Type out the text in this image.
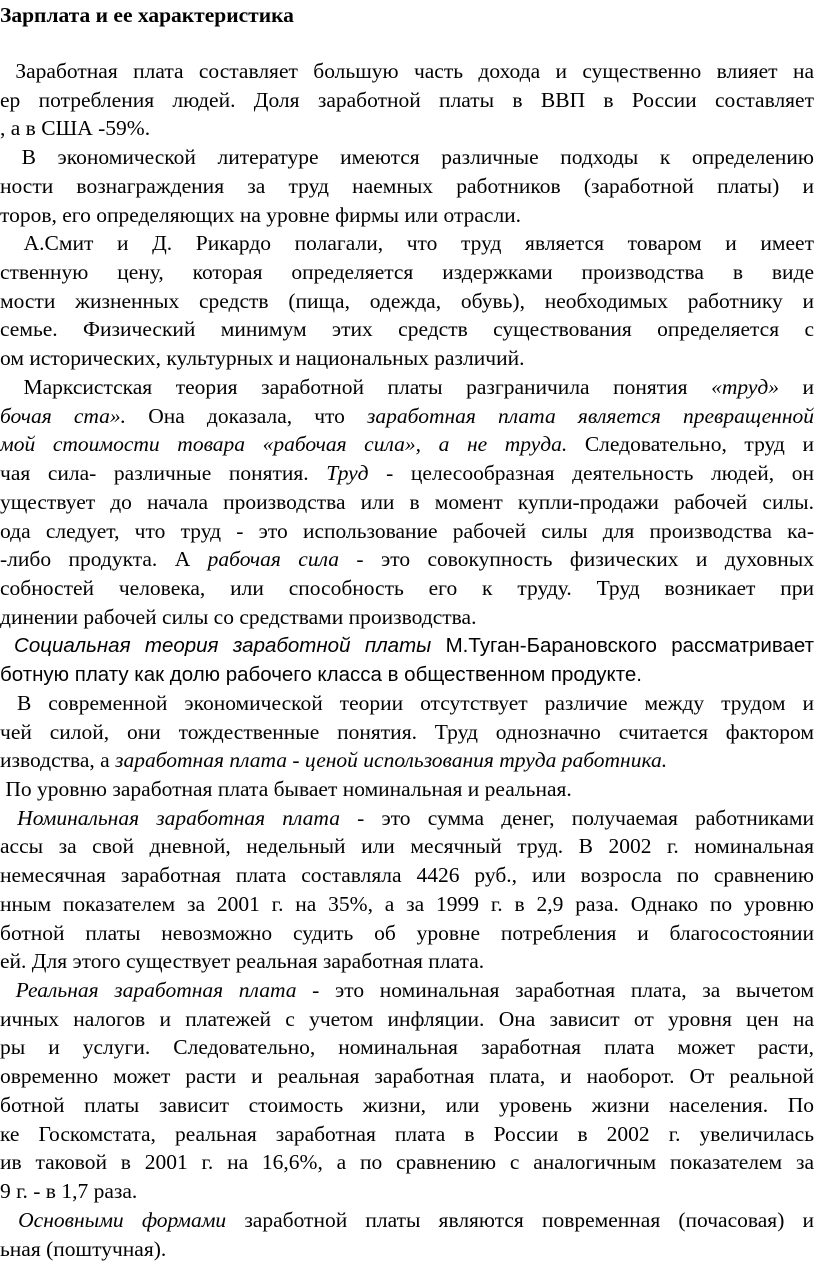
Зарплата и ее характеристика
Заработная плата составляет большую часть дохода и существенно влияет на
ер потребления людей. Доля заработной платы в ВВП в России составляет
, а в США -59%.
В экономической литературе имеются различные подходы к определению
ности вознаграждения за труд наемных работников (заработной платы) и
торов, его определяющих на уровне фирмы или отрасли.
А.Смит и Д. Рикардо полагали, что труд является товаром и имеет
ственную цену, которая определяется издержками производства в виде
мости жизненных средств (пища, одежда, обувь), необходимых работнику и
семье. Физический минимум этих средств существования определяется с
ом исторических, культурных и национальных различий.
Марксистская теория заработной платы разграничила понятия «труд» и
бочая ста». Она доказала, что заработная плата является превращенной
мой стоимости товара «рабочая сила», а не труда. Следовательно, труд и
чая сила- различные понятия. Труд - целесообразная деятельность людей, он
уществует до начала производства или в момент купли-продажи рабочей силы.
ода следует, что труд - это использование рабочей силы для производства ка-
-либо продукта. А рабочая сила - это совокупность физических и духовных
собностей человека, или способность его к труду. Труд возникает при
динении рабочей силы со средствами производства.
Социальная теория заработной платы М.Туган-Барановского рассматривает
ботную плату как долю рабочего класса в общественном продукте.
В современной экономической теории отсутствует различие между трудом и
чей силой, они тождественные понятия. Труд однозначно считается фактором
изводства, а заработная плата - ценой использования труда работника.
По уровню заработная плата бывает номинальная и реальная.
Номинальная заработная плата - это сумма денег, получаемая работниками
ассы за свой дневной, недельный или месячный труд. В 2002 г. номинальная
немесячная заработная плата составляла 4426 руб., или возросла по сравнению
нным показателем за 2001 г. на 35%, а за 1999 г. в 2,9 раза. Однако по уровню
ботной платы невозможно судить об уровне потребления и благосостоянии
ей. Для этого существует реальная заработная плата.
Реальная заработная плата - это номинальная заработная плата, за вычетом
ичных налогов и платежей с учетом инфляции. Она зависит от уровня цен на
ры и услуги. Следовательно, номинальная заработная плата может расти,
овременно может расти и реальная заработная плата, и наоборот. От реальной
ботной платы зависит стоимость жизни, или уровень жизни населения. По
ке Госкомстата, реальная заработная плата в России в 2002 г. увеличилась
ив таковой в 2001 г. на 16,6%, а по сравнению с аналогичным показателем за
9 г. - в 1,7 раза.
Основными формами заработной платы являются повременная (почасовая) и
ьная (поштучная).
